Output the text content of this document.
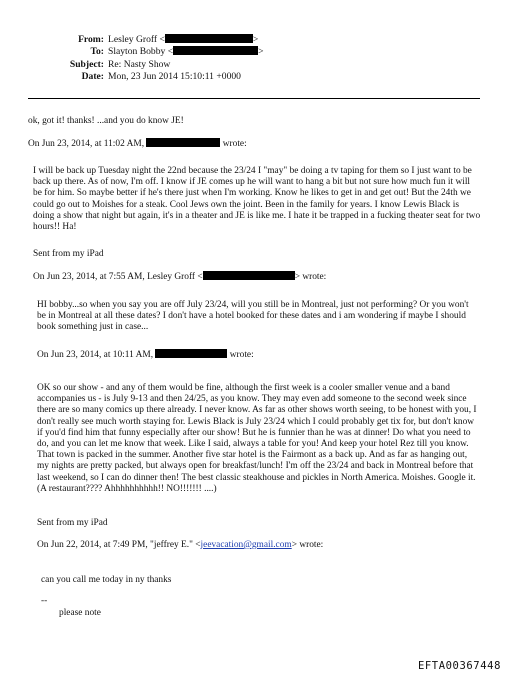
From: Lesley Groff <	>
To: Slayton Bobby <	>
Subject: Re: Nasty Show
Date: Mon, 23 Jun 2014 15:10:11 +0000

ok, got it! thanks! ...and you do know JE!

On Jun 23, 2014, at 11:02 AM,	wrote:

I will be back up Tuesday night the 22nd because the 23/24 I "may" be doing a tv taping for them so I just want to be back up there. As of now, I'm off. I know if JE comes up he will want to hang a bit but not sure how much fun it will be for him. So maybe better if he's there just when I'm working. Know he likes to get in and get out! But the 24th we could go out to Moishes for a steak. Cool Jews own the joint. Been in the family for years. I know Lewis Black is doing a show that night but again, it's in a theater and JE is like me. I hate it be trapped in a fucking theater seat for two hours!! Ha!

Sent from my iPad

On Jun 23, 2014, at 7:55 AM, Lesley Groff <	> wrote:

HI bobby...so when you say you are off July 23/24, will you still be in Montreal, just not performing? Or you won't be in Montreal at all these dates? I don't have a hotel booked for these dates and i am wondering if maybe I should book something just in case...

On Jun 23, 2014, at 10:11 AM,	wrote:

OK so our show - and any of them would be fine, although the first week is a cooler smaller venue and a band accompanies us - is July 9-13 and then 24/25, as you know. They may even add someone to the second week since there are so many comics up there already. I never know. As far as other shows worth seeing, to be honest with you, I don't really see much worth staying for. Lewis Black is July 23/24 which I could probably get tix for, but don't know if you'd find him that funny especially after our show! But he is funnier than he was at dinner! Do what you need to do, and you can let me know that week. Like I said, always a table for you! And keep your hotel Rez till you know. That town is packed in the summer. Another five star hotel is the Fairmont as a back up. And as far as hanging out, my nights are pretty packed, but always open for breakfast/lunch! I'm off the 23/24 and back in Montreal before that last weekend, so I can do dinner then! The best classic steakhouse and pickles in North America. Moishes. Google it. (A restaurant???? Ahhhhhhhhhh!! NO!!!!!!! ....)

Sent from my iPad

On Jun 22, 2014, at 7:49 PM, "jeffrey E." <jeevacation@gmail.com> wrote:

can you call me today in ny thanks

--

please note

EFTA00367448
